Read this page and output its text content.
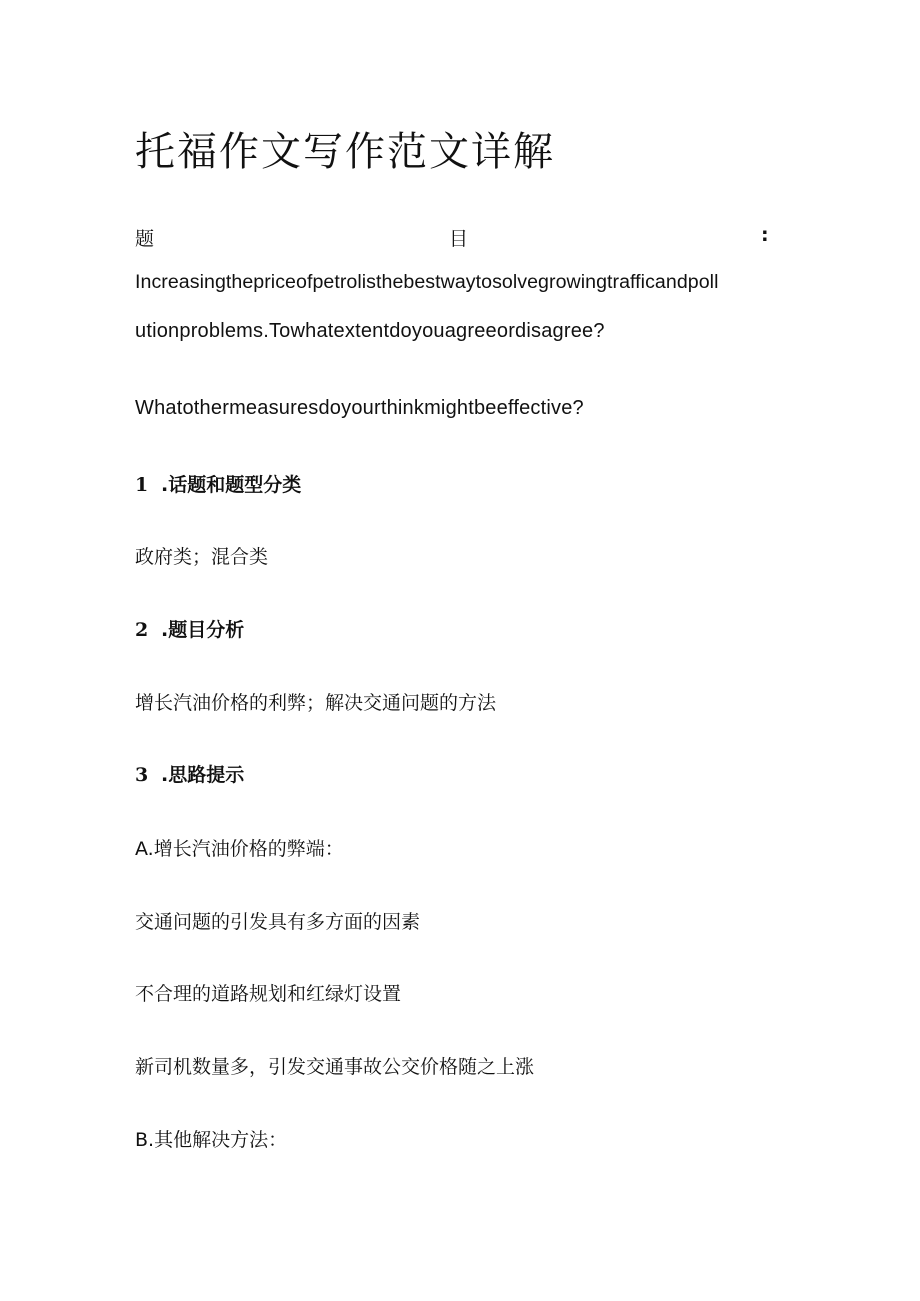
托福作文写作范文详解
题	目	:
Increasingthepriceofpetrolisthebestwaytosolvegrowingtrafficandpoll
utionproblems.Towhatextentdoyouagreeordisagree?
Whatothermeasuresdoyourthinkmightbeeffective?
1 .话题和题型分类
政府类；混合类
2 .题目分析
增长汽油价格的利弊；解决交通问题的方法
3 .思路提示
A.增长汽油价格的弊端：
交通问题的引发具有多方面的因素
不合理的道路规划和红绿灯设置
新司机数量多，引发交通事故公交价格随之上涨
B.其他解决方法：
